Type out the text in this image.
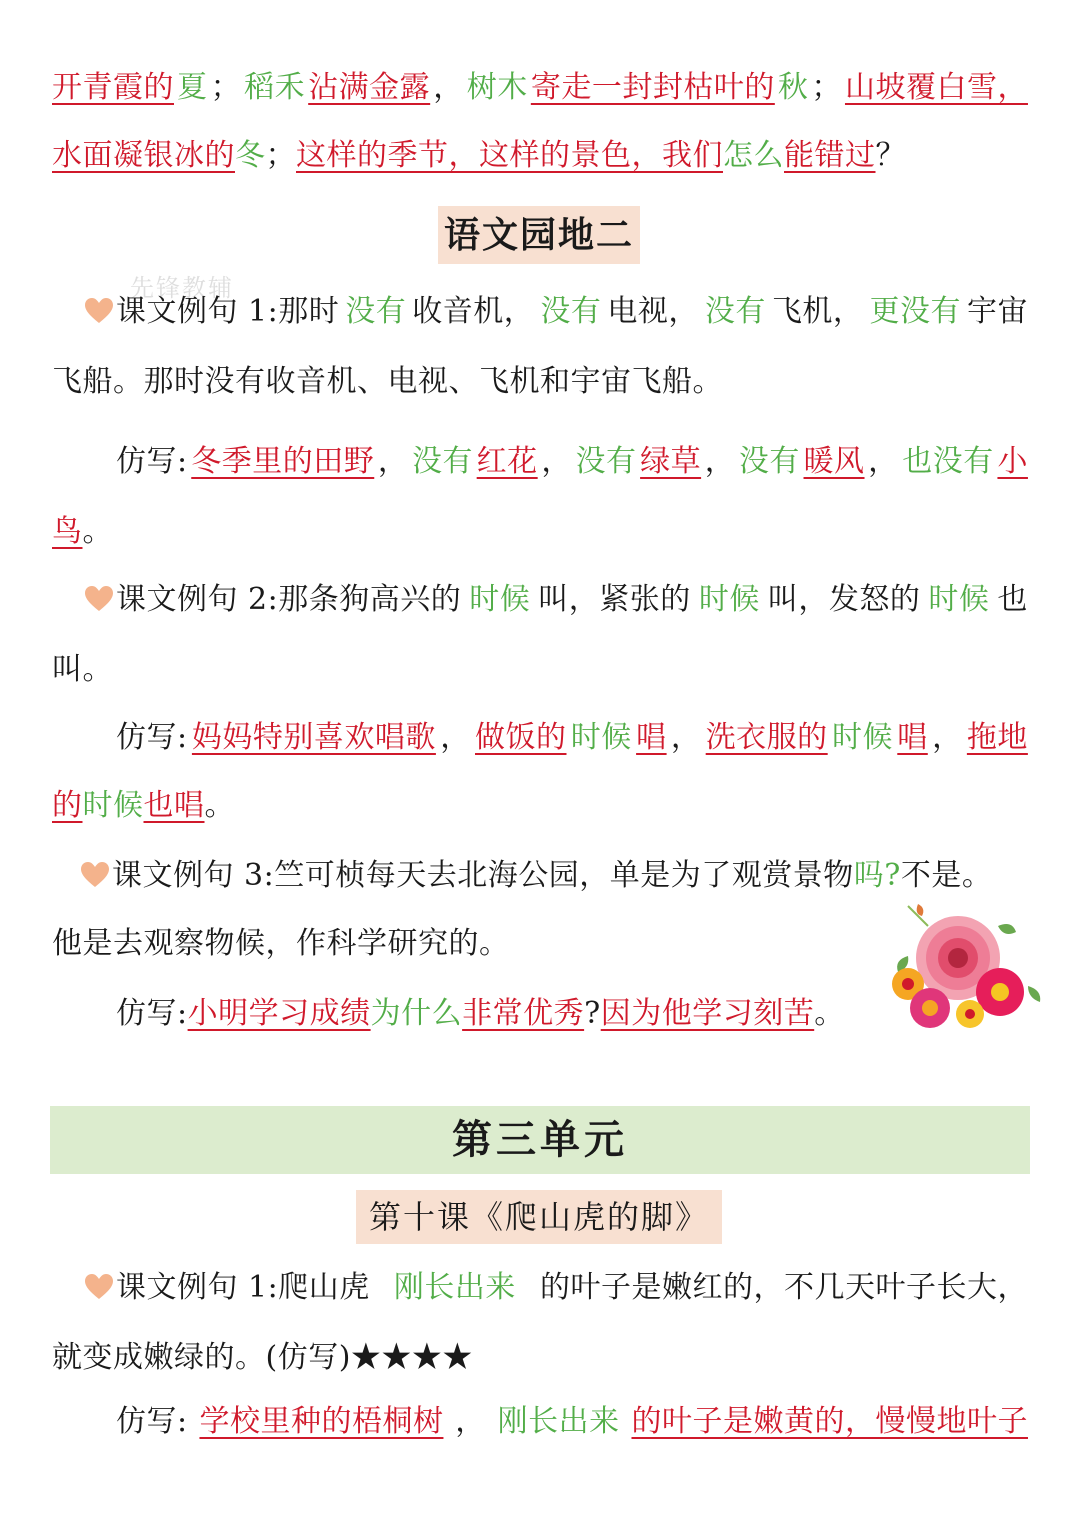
开青霞的 夏 ； 稻禾 沾满金露 ， 树木 寄走一封封枯叶的 秋 ； 山坡覆白雪，
水面凝银冰的冬；这样的季节，这样的景色，我们怎么能错过？
语文园地二
先锋教辅
课文例句 1:那时 没有 收音机， 没有 电视， 没有 飞机， 更没有 宇宙
飞船。那时没有收音机、电视、飞机和宇宙飞船。
仿写: 冬季里的田野 ， 没有 红花 ， 没有 绿草 ， 没有 暖风 ， 也没有 小
鸟。
课文例句 2:那条狗高兴的 时候 叫，紧张的 时候 叫，发怒的 时候 也
叫。
仿写: 妈妈特别喜欢唱歌 ， 做饭的 时候 唱 ， 洗衣服的 时候 唱 ， 拖地
的时候也唱。
课文例句 3:竺可桢每天去北海公园，单是为了观赏景物吗?不是。
他是去观察物候，作科学研究的。
仿写:小明学习成绩为什么非常优秀?因为他学习刻苦。
第三单元
第十课《爬山虎的脚》
课文例句 1:爬山虎 刚长出来 的叶子是嫩红的，不几天叶子长大，
就变成嫩绿的。(仿写)★★★★
仿写: 学校里种的梧桐树 ， 刚长出来 的叶子是嫩黄的，慢慢地叶子
